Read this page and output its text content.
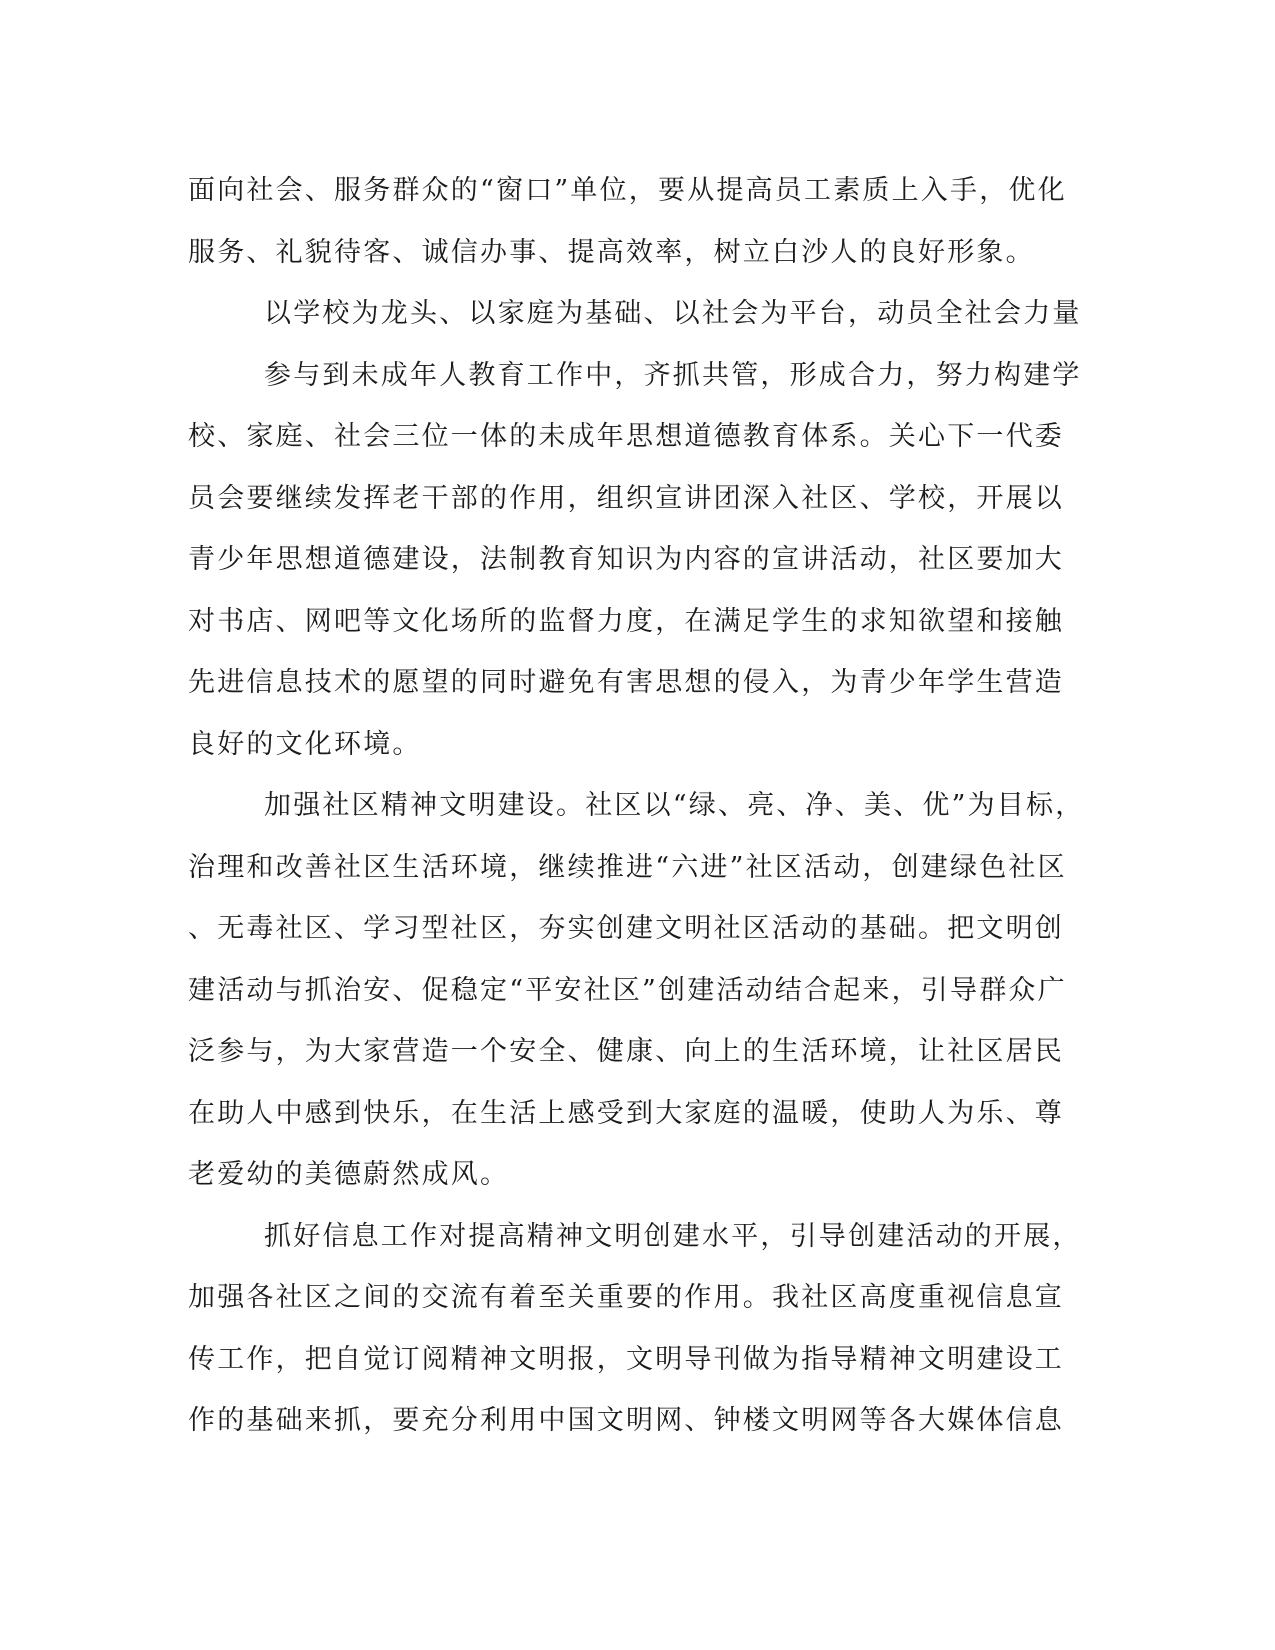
面向社会、服务群众的“窗口”单位，要从提高员工素质上入手，优化
服务、礼貌待客、诚信办事、提高效率，树立白沙人的良好形象。
以学校为龙头、以家庭为基础、以社会为平台，动员全社会力量
参与到未成年人教育工作中，齐抓共管，形成合力，努力构建学
校、家庭、社会三位一体的未成年思想道德教育体系。关心下一代委
员会要继续发挥老干部的作用，组织宣讲团深入社区、学校，开展以
青少年思想道德建设，法制教育知识为内容的宣讲活动，社区要加大
对书店、网吧等文化场所的监督力度，在满足学生的求知欲望和接触
先进信息技术的愿望的同时避免有害思想的侵入，为青少年学生营造
良好的文化环境。
加强社区精神文明建设。社区以“绿、亮、净、美、优”为目标，
治理和改善社区生活环境，继续推进“六进”社区活动，创建绿色社区
、无毒社区、学习型社区，夯实创建文明社区活动的基础。把文明创
建活动与抓治安、促稳定“平安社区”创建活动结合起来，引导群众广
泛参与，为大家营造一个安全、健康、向上的生活环境，让社区居民
在助人中感到快乐，在生活上感受到大家庭的温暖，使助人为乐、尊
老爱幼的美德蔚然成风。
抓好信息工作对提高精神文明创建水平，引导创建活动的开展，
加强各社区之间的交流有着至关重要的作用。我社区高度重视信息宣
传工作，把自觉订阅精神文明报，文明导刊做为指导精神文明建设工
作的基础来抓，要充分利用中国文明网、钟楼文明网等各大媒体信息
